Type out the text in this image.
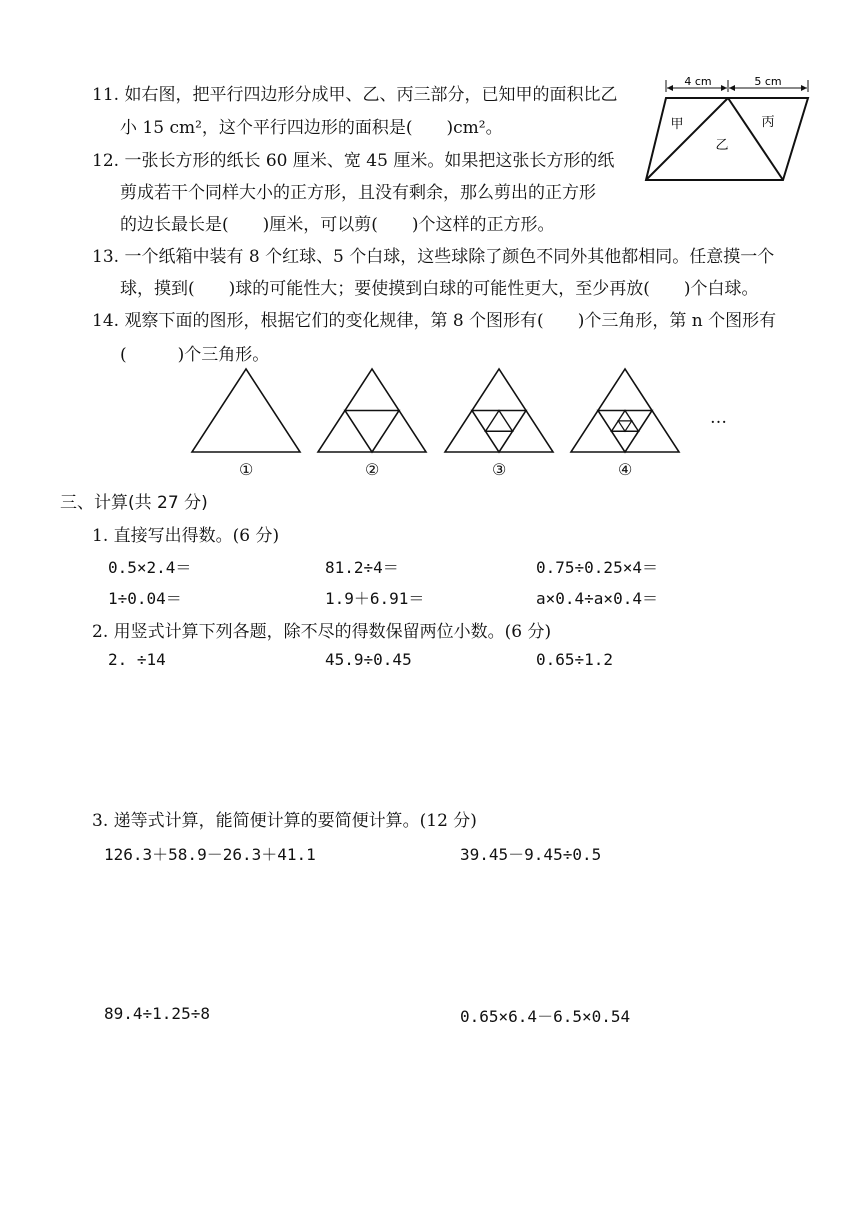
11. 如右图，把平行四边形分成甲、乙、丙三部分，已知甲的面积比乙
小 15 cm²，这个平行四边形的面积是(　　)cm²。
4 cm	5 cm
甲
乙
丙
12. 一张长方形的纸长 60 厘米、宽 45 厘米。如果把这张长方形的纸
剪成若干个同样大小的正方形，且没有剩余，那么剪出的正方形
的边长最长是(　　)厘米，可以剪(　　)个这样的正方形。
13. 一个纸箱中装有 8 个红球、5 个白球，这些球除了颜色不同外其他都相同。任意摸一个
球，摸到(　　)球的可能性大；要使摸到白球的可能性更大，至少再放(　　)个白球。
14. 观察下面的图形，根据它们的变化规律，第 8 个图形有(　　)个三角形，第 n 个图形有
(　　　)个三角形。
①	②	③	④
…
三、计算(共 27 分)
1. 直接写出得数。(6 分)
0.5×2.4＝	81.2÷4＝	0.75÷0.25×4＝
1÷0.04＝	1.9＋6.91＝	a×0.4÷a×0.4＝
2. 用竖式计算下列各题，除不尽的得数保留两位小数。(6 分)
2. ÷14	45.9÷0.45	0.65÷1.2
3. 递等式计算，能简便计算的要简便计算。(12 分)
126.3＋58.9－26.3＋41.1	39.45－9.45÷0.5
89.4÷1.25÷8	0.65×6.4－6.5×0.54
